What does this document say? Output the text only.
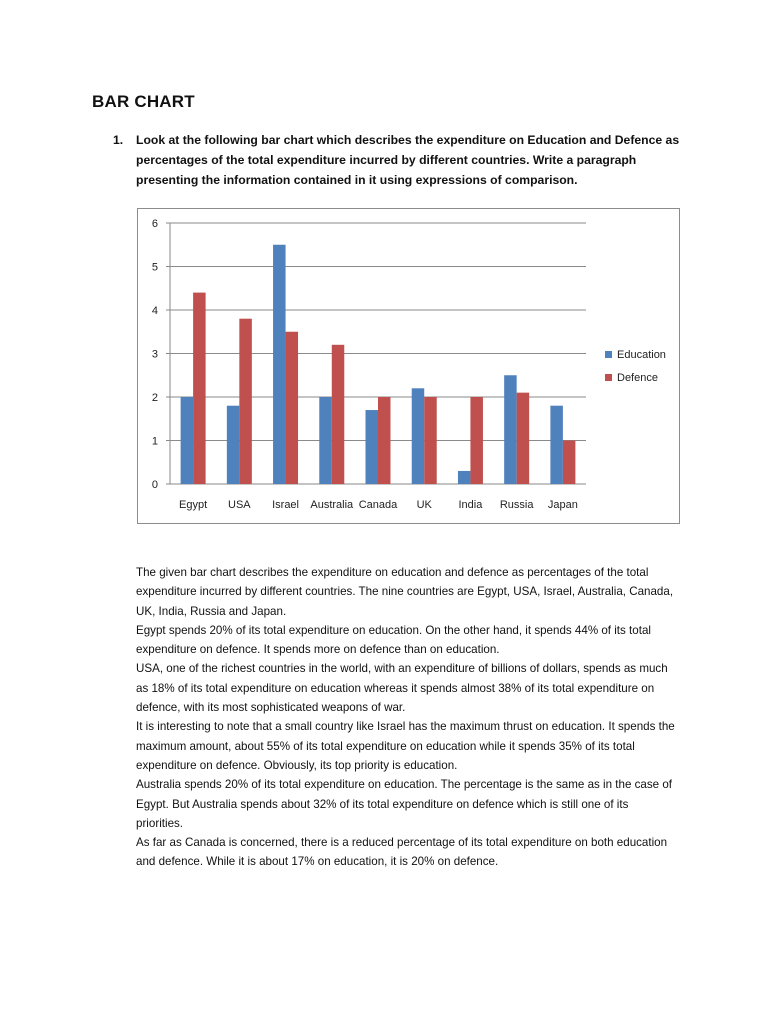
BAR CHART
1. Look at the following bar chart which describes the expenditure on Education and Defence as percentages of the total expenditure incurred by different countries. Write a paragraph presenting the information contained in it using expressions of comparison.
0
1
2
3
4
5
6
Egypt USA Israel Australia Canada UK India Russia Japan
Education
Defence

The given bar chart describes the expenditure on education and defence as percentages of the total expenditure incurred by different countries. The nine countries are Egypt, USA, Israel, Australia, Canada, UK, India, Russia and Japan.

Egypt spends 20% of its total expenditure on education. On the other hand, it spends 44% of its total expenditure on defence. It spends more on defence than on education.

USA, one of the richest countries in the world, with an expenditure of billions of dollars, spends as much as 18% of its total expenditure on education whereas it spends almost 38% of its total expenditure on defence, with its most sophisticated weapons of war.

It is interesting to note that a small country like Israel has the maximum thrust on education. It spends the maximum amount, about 55% of its total expenditure on education while it spends 35% of its total expenditure on defence. Obviously, its top priority is education.

Australia spends 20% of its total expenditure on education. The percentage is the same as in the case of Egypt. But Australia spends about 32% of its total expenditure on defence which is still one of its priorities.

As far as Canada is concerned, there is a reduced percentage of its total expenditure on both education and defence. While it is about 17% on education, it is 20% on defence.
